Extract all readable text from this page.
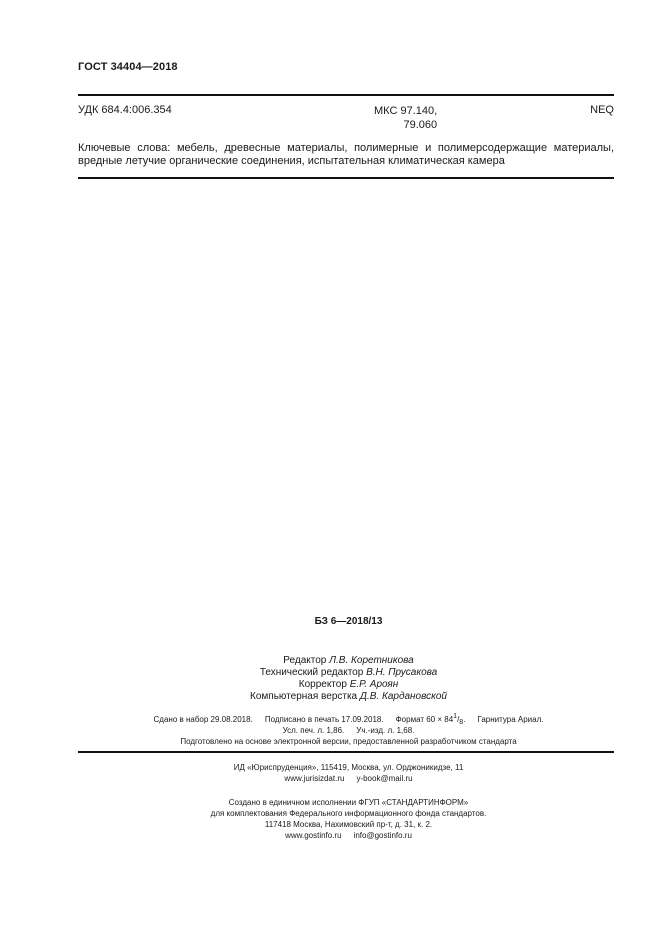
ГОСТ 34404—2018
УДК 684.4:006.354	МКС 97.140,
79.060
NEQ
Ключевые слова: мебель, древесные материалы, полимерные и полимерсодержащие материалы,
вредные летучие органические соединения, испытательная климатическая камера
БЗ 6—2018/13
Редактор Л.В. Коретникова
Технический редактор В.Н. Прусакова
Корректор Е.Р. Ароян
Компьютерная верстка Д.В. Кардановской
Сдано в набор 29.08.2018. Подписано в печать 17.09.2018. Формат $60 \times 84^1/_8$. Гарнитура Ариал.
Усл. печ. л. 1,86. Уч.-изд. л. 1,68.
Подготовлено на основе электронной версии, предоставленной разработчиком стандарта
ИД «Юриспруденция», 115419, Москва, ул. Орджоникидзе, 11
www.jurisizdat.ru y-book@mail.ru
Создано в единичном исполнении ФГУП «СТАНДАРТИНФОРМ»
для комплектования Федерального информационного фонда стандартов.
117418 Москва, Нахимовский пр-т, д. 31, к. 2.
www.gostinfo.ru info@gostinfo.ru
